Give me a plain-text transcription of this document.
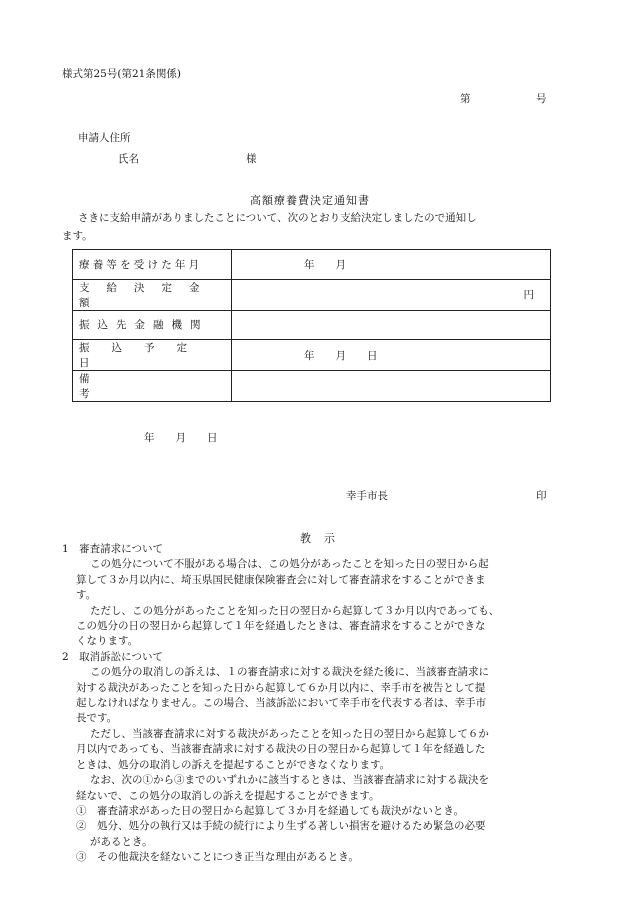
様式第25号(第21条関係)
第	号
申請人住所
氏名	様
高額療養費決定通知書
さきに支給申請がありましたことについて、次のとおり支給決定しましたので通知し
ます。
療養等を受けた年月	年　　月
支給決定金額	円
振込先金融機関	
振込予定日	年　　月　　日
備考	
年　　月　　日
幸手市長	印
教　示
1　審査請求について
この処分について不服がある場合は、この処分があったことを知った日の翌日から起
算して３か月以内に、埼玉県国民健康保険審査会に対して審査請求をすることができま
す。
ただし、この処分があったことを知った日の翌日から起算して３か月以内であっても、
この処分の日の翌日から起算して１年を経過したときは、審査請求をすることができな
くなります。
2　取消訴訟について
この処分の取消しの訴えは、１の審査請求に対する裁決を経た後に、当該審査請求に
対する裁決があったことを知った日から起算して６か月以内に、幸手市を被告として提
起しなければなりません。この場合、当該訴訟において幸手市を代表する者は、幸手市
長です。
ただし、当該審査請求に対する裁決があったことを知った日の翌日から起算して６か
月以内であっても、当該審査請求に対する裁決の日の翌日から起算して１年を経過した
ときは、処分の取消しの訴えを提起することができなくなります。
なお、次の①から③までのいずれかに該当するときは、当該審査請求に対する裁決を
経ないで、この処分の取消しの訴えを提起することができます。
①　審査請求があった日の翌日から起算して３か月を経過しても裁決がないとき。
②　処分、処分の執行又は手続の続行により生ずる著しい損害を避けるため緊急の必要
があるとき。
③　その他裁決を経ないことにつき正当な理由があるとき。
